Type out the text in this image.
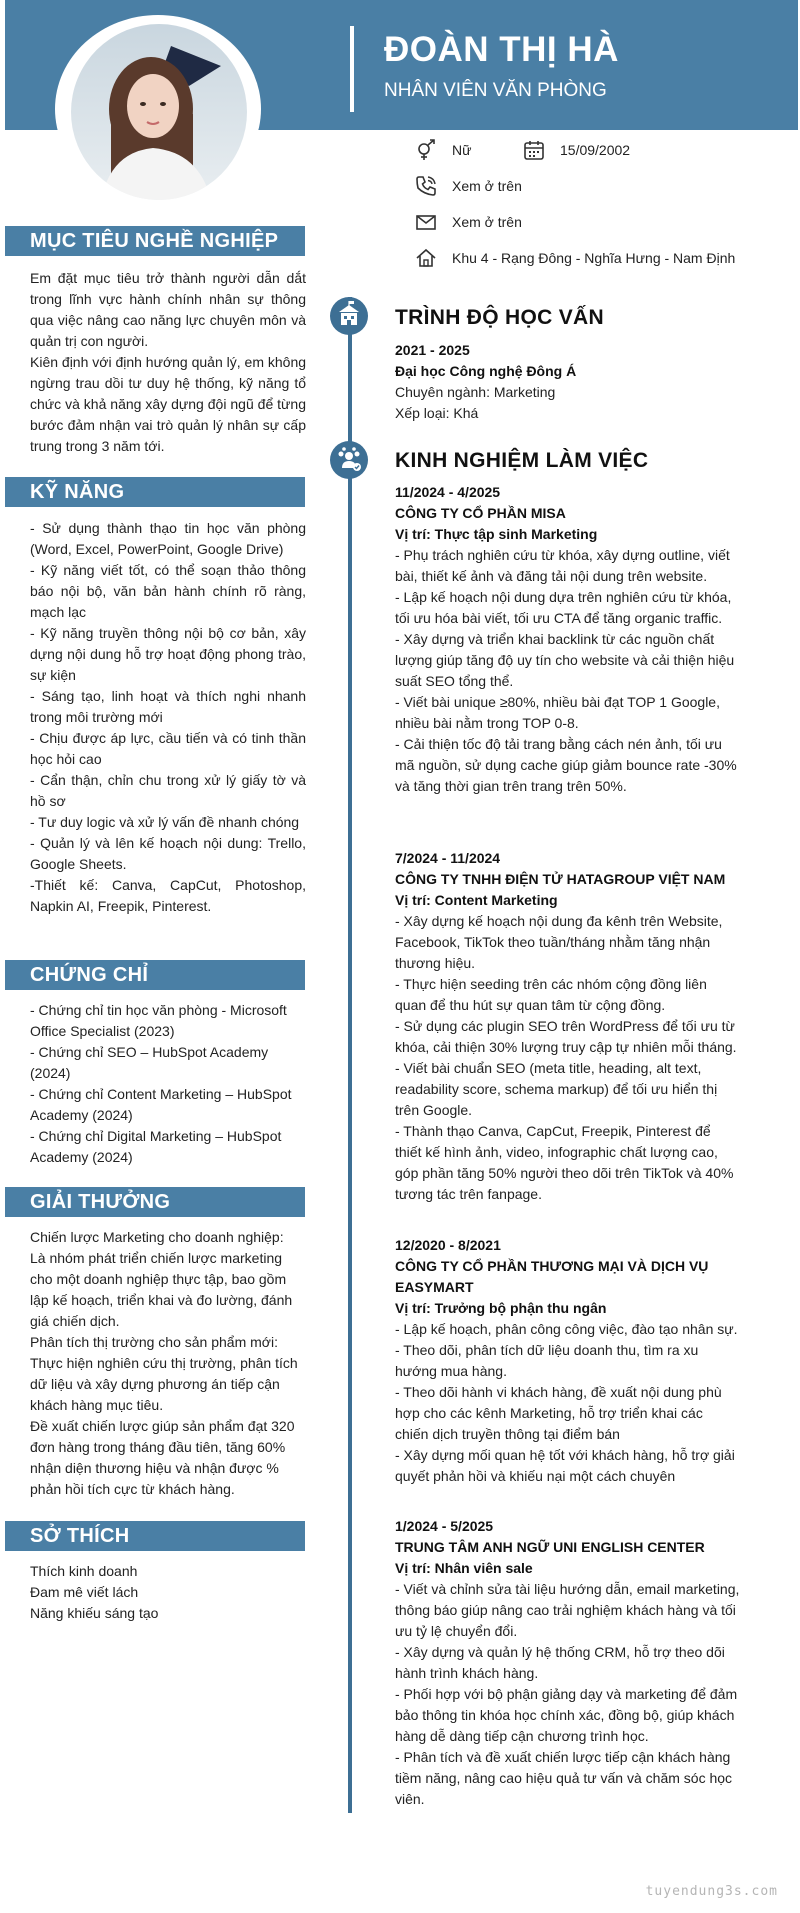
ĐOÀN THỊ HÀ
NHÂN VIÊN VĂN PHÒNG
Nữ	15/09/2002
Xem ở trên
Xem ở trên
Khu 4 - Rạng Đông - Nghĩa Hưng - Nam Định
MỤC TIÊU NGHỀ NGHIỆP

Em đặt mục tiêu trở thành người dẫn dắt trong lĩnh vực hành chính nhân sự thông qua việc nâng cao năng lực chuyên môn và quản trị con người.

Kiên định với định hướng quản lý, em không ngừng trau dồi tư duy hệ thống, kỹ năng tổ chức và khả năng xây dựng đội ngũ để từng bước đảm nhận vai trò quản lý nhân sự cấp trung trong 3 năm tới.

KỸ NĂNG

- Sử dụng thành thạo tin học văn phòng (Word, Excel, PowerPoint, Google Drive)

- Kỹ năng viết tốt, có thể soạn thảo thông báo nội bộ, văn bản hành chính rõ ràng, mạch lạc

- Kỹ năng truyền thông nội bộ cơ bản, xây dựng nội dung hỗ trợ hoạt động phong trào, sự kiện

- Sáng tạo, linh hoạt và thích nghi nhanh trong môi trường mới

- Chịu được áp lực, cầu tiến và có tinh thần học hỏi cao

- Cẩn thận, chỉn chu trong xử lý giấy tờ và hồ sơ

- Tư duy logic và xử lý vấn đề nhanh chóng

- Quản lý và lên kế hoạch nội dung: Trello, Google Sheets.

-Thiết kế: Canva, CapCut, Photoshop, Napkin AI, Freepik, Pinterest.

CHỨNG CHỈ

- Chứng chỉ tin học văn phòng - Microsoft Office Specialist (2023)

- Chứng chỉ SEO – HubSpot Academy (2024)

- Chứng chỉ Content Marketing – HubSpot Academy (2024)

- Chứng chỉ Digital Marketing – HubSpot Academy (2024)

GIẢI THƯỞNG

Chiến lược Marketing cho doanh nghiệp:

Là nhóm phát triển chiến lược marketing cho một doanh nghiệp thực tập, bao gồm lập kế hoạch, triển khai và đo lường, đánh giá chiến dịch.

Phân tích thị trường cho sản phẩm mới:

Thực hiện nghiên cứu thị trường, phân tích dữ liệu và xây dựng phương án tiếp cận khách hàng mục tiêu.

Đề xuất chiến lược giúp sản phẩm đạt 320 đơn hàng trong tháng đầu tiên, tăng 60% nhận diện thương hiệu và nhận được % phản hồi tích cực từ khách hàng.

SỞ THÍCH

Thích kinh doanh

Đam mê viết lách

Năng khiếu sáng tạo

TRÌNH ĐỘ HỌC VẤN

2021 - 2025

Đại học Công nghệ Đông Á

Chuyên ngành: Marketing

Xếp loại: Khá

KINH NGHIỆM LÀM VIỆC

11/2024 - 4/2025

CÔNG TY CỔ PHẦN MISA

Vị trí: Thực tập sinh Marketing

- Phụ trách nghiên cứu từ khóa, xây dựng outline, viết bài, thiết kế ảnh và đăng tải nội dung trên website.

- Lập kế hoạch nội dung dựa trên nghiên cứu từ khóa, tối ưu hóa bài viết, tối ưu CTA để tăng organic traffic.

- Xây dựng và triển khai backlink từ các nguồn chất lượng giúp tăng độ uy tín cho website và cải thiện hiệu suất SEO tổng thể.

- Viết bài unique ≥80%, nhiều bài đạt TOP 1 Google, nhiều bài nằm trong TOP 0-8.

- Cải thiện tốc độ tải trang bằng cách nén ảnh, tối ưu mã nguồn, sử dụng cache giúp giảm bounce rate -30% và tăng thời gian trên trang trên 50%.

7/2024 - 11/2024

CÔNG TY TNHH ĐIỆN TỬ HATAGROUP VIỆT NAM

Vị trí: Content Marketing

- Xây dựng kế hoạch nội dung đa kênh trên Website, Facebook, TikTok theo tuần/tháng nhằm tăng nhận thương hiệu.

- Thực hiện seeding trên các nhóm cộng đồng liên quan để thu hút sự quan tâm từ cộng đồng.

- Sử dụng các plugin SEO trên WordPress để tối ưu từ khóa, cải thiện 30% lượng truy cập tự nhiên mỗi tháng.

- Viết bài chuẩn SEO (meta title, heading, alt text, readability score, schema markup) để tối ưu hiển thị trên Google.

- Thành thạo Canva, CapCut, Freepik, Pinterest để thiết kế hình ảnh, video, infographic chất lượng cao, góp phần tăng 50% người theo dõi trên TikTok và 40% tương tác trên fanpage.

12/2020 - 8/2021

CÔNG TY CỔ PHẦN THƯƠNG MẠI VÀ DỊCH VỤ EASYMART

Vị trí: Trưởng bộ phận thu ngân

- Lập kế hoạch, phân công công việc, đào tạo nhân sự.

- Theo dõi, phân tích dữ liệu doanh thu, tìm ra xu hướng mua hàng.

- Theo dõi hành vi khách hàng, đề xuất nội dung phù hợp cho các kênh Marketing, hỗ trợ triển khai các chiến dịch truyền thông tại điểm bán

- Xây dựng mối quan hệ tốt với khách hàng, hỗ trợ giải quyết phản hồi và khiếu nại một cách chuyên

1/2024 - 5/2025

TRUNG TÂM ANH NGỮ UNI ENGLISH CENTER

Vị trí: Nhân viên sale

- Viết và chỉnh sửa tài liệu hướng dẫn, email marketing, thông báo giúp nâng cao trải nghiệm khách hàng và tối ưu tỷ lệ chuyển đổi.

- Xây dựng và quản lý hệ thống CRM, hỗ trợ theo dõi hành trình khách hàng.

- Phối hợp với bộ phận giảng dạy và marketing để đảm bảo thông tin khóa học chính xác, đồng bộ, giúp khách hàng dễ dàng tiếp cận chương trình học.

- Phân tích và đề xuất chiến lược tiếp cận khách hàng tiềm năng, nâng cao hiệu quả tư vấn và chăm sóc học viên.

tuyendung3s.com
